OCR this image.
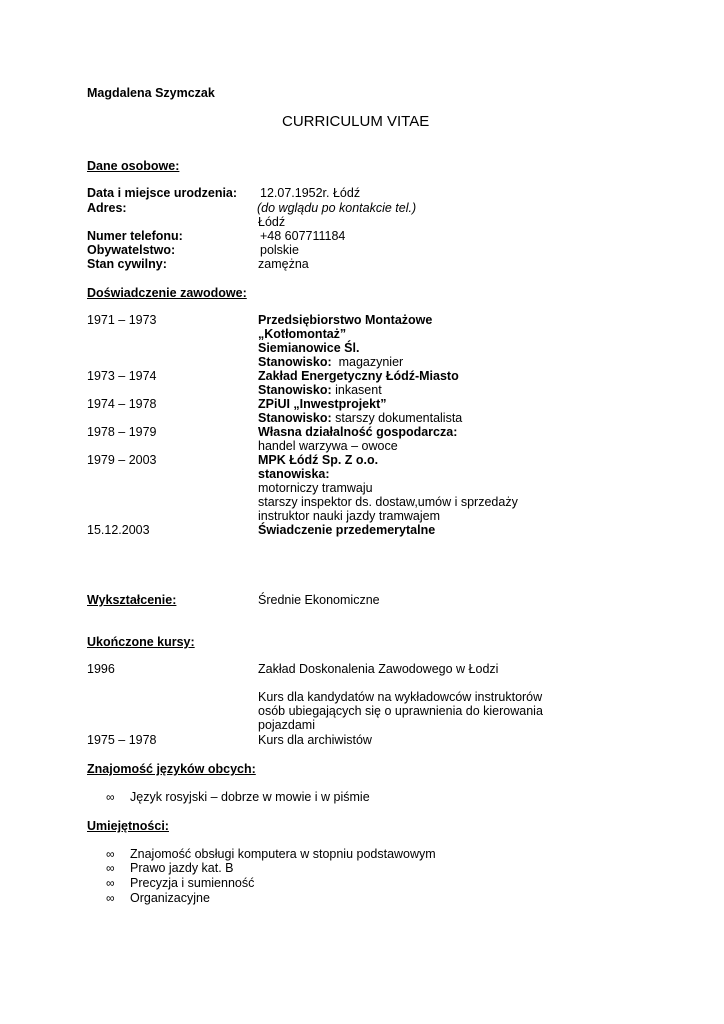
Magdalena Szymczak
CURRICULUM VITAE
Dane osobowe:
Data i miejsce urodzenia: 12.07.1952r. Łódź
Adres:	(do wglądu po kontakcie tel.)
Łódź
Numer telefonu:	+48 607711184
Obywatelstwo:	polskie
Stan cywilny:	zamężna
Doświadczenie zawodowe:
1971 – 1973	Przedsiębiorstwo Montażowe
„Kotłomontaż”
Siemianowice Śl.
Stanowisko: magazynier
1973 – 1974	Zakład Energetyczny Łódź-Miasto
Stanowisko: inkasent
1974 – 1978	ZPiUI „Inwestprojekt”
Stanowisko: starszy dokumentalista
1978 – 1979	Własna działalność gospodarcza:
handel warzywa – owoce
1979 – 2003	MPK Łódź Sp. Z o.o.
stanowiska:
motorniczy tramwaju
starszy inspektor ds. dostaw,umów i sprzedaży
instruktor nauki jazdy tramwajem
15.12.2003	Świadczenie przedemerytalne
Wykształcenie:	Średnie Ekonomiczne
Ukończone kursy:
1996	Zakład Doskonalenia Zawodowego w Łodzi
Kurs dla kandydatów na wykładowców instruktorów
osób ubiegających się o uprawnienia do kierowania
pojazdami
1975 – 1978	Kurs dla archiwistów
Znajomość języków obcych:
∞ Język rosyjski – dobrze w mowie i w piśmie
Umiejętności:
∞ Znajomość obsługi komputera w stopniu podstawowym
∞ Prawo jazdy kat. B
∞ Precyzja i sumienność
∞ Organizacyjne
